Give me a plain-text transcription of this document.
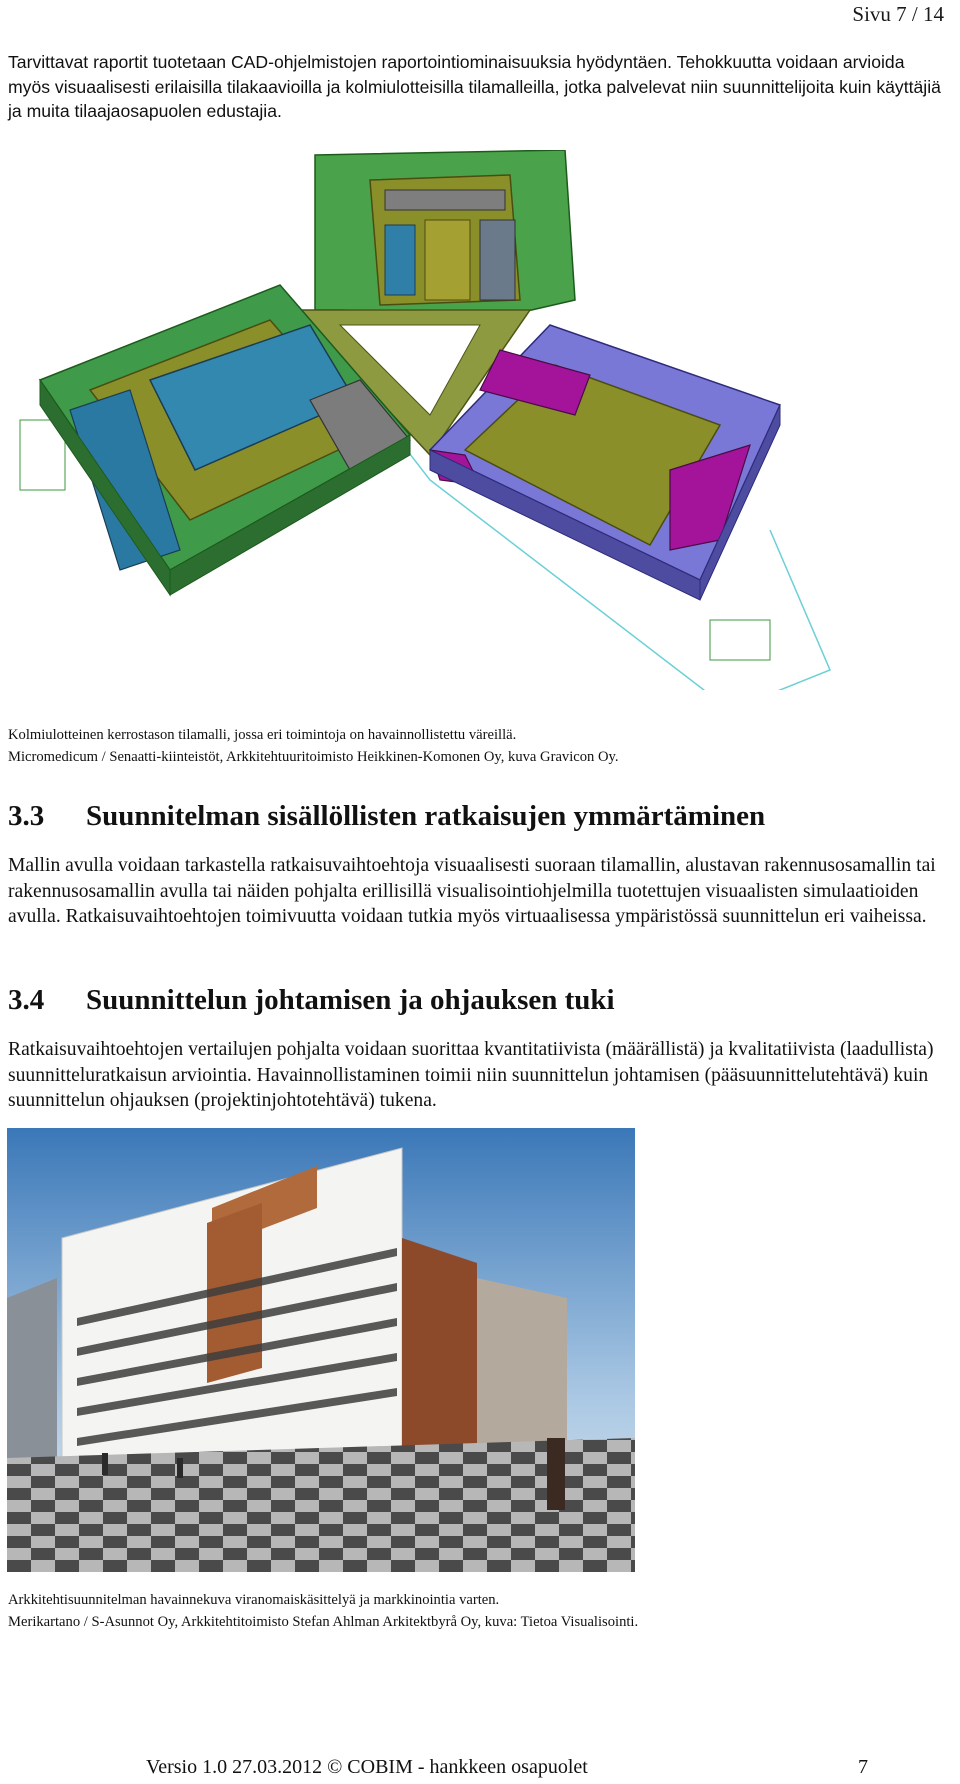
Sivu 7 / 14
Tarvittavat raportit tuotetaan CAD-ohjelmistojen raportointiominaisuuksia hyödyntäen. Tehokkuutta voidaan arvioida myös visuaalisesti erilaisilla tilakaavioilla ja kolmiulotteisilla tilamalleilla, jotka palvelevat niin suunnittelijoita kuin käyttäjiä ja muita tilaajaosapuolen edustajia.
Kolmiulotteinen kerrostason tilamalli, jossa eri toimintoja on havainnollistettu väreillä.
Micromedicum / Senaatti-kiinteistöt, Arkkitehtuuritoimisto Heikkinen-Komonen Oy, kuva Gravicon Oy.
3.3	Suunnitelman sisällöllisten ratkaisujen ymmärtäminen
Mallin avulla voidaan tarkastella ratkaisuvaihtoehtoja visuaalisesti suoraan tilamallin, alustavan rakennusosamallin tai rakennusosamallin avulla tai näiden pohjalta erillisillä visualisointiohjelmilla tuotettujen visuaalisten simulaatioiden avulla. Ratkaisuvaihtoehtojen toimivuutta voidaan tutkia myös virtuaalisessa ympäristössä suunnittelun eri vaiheissa.
3.4	Suunnittelun johtamisen ja ohjauksen tuki
Ratkaisuvaihtoehtojen vertailujen pohjalta voidaan suorittaa kvantitatiivista (määrällistä) ja kvalitatiivista (laadullista) suunnitteluratkaisun arviointia. Havainnollistaminen toimii niin suunnittelun johtamisen (pääsuunnittelutehtävä) kuin suunnittelun ohjauksen (projektinjohtotehtävä) tukena.
Arkkitehtisuunnitelman havainnekuva viranomaiskäsittelyä ja markkinointia varten.
Merikartano / S-Asunnot Oy, Arkkitehtitoimisto Stefan Ahlman Arkitektbyrå Oy, kuva: Tietoa Visualisointi.
Versio 1.0 27.03.2012 © COBIM - hankkeen osapuolet	7
